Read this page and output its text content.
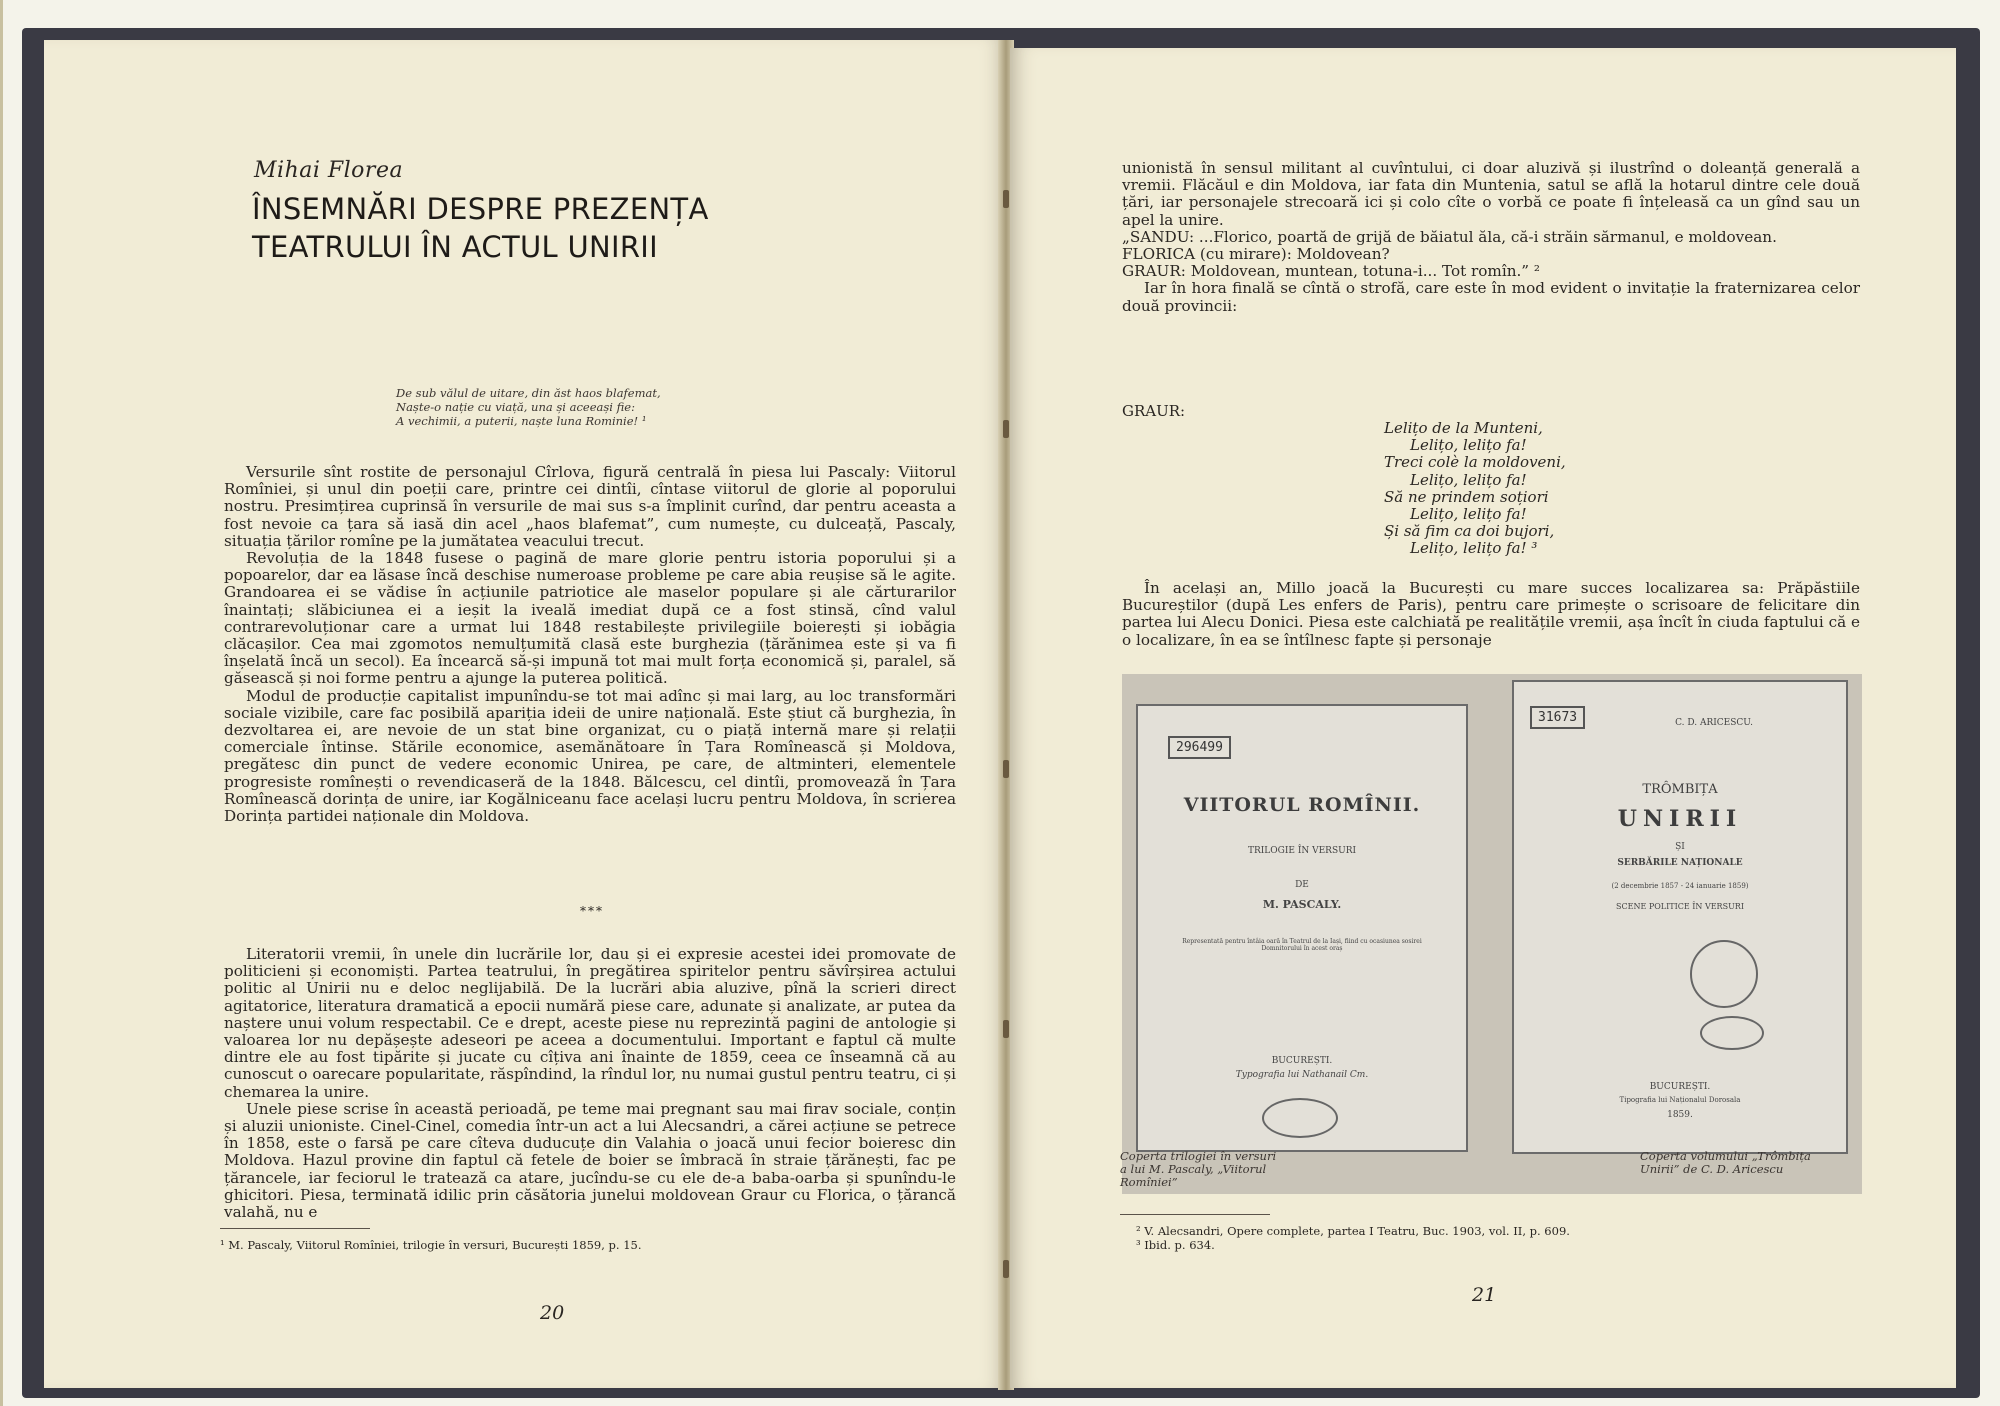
Mihai Florea
ÎNSEMNĂRI DESPRE PREZENȚA
TEATRULUI ÎN ACTUL UNIRII
De sub vălul de uitare, din ăst haos blafemat,
Naște-o nație cu viață, una și aceeași fie:
A vechimii, a puterii, naște luna Rominie! ¹

Versurile sînt rostite de personajul Cîrlova, figură centrală în piesa lui Pascaly: Viitorul Romîniei, și unul din poeții care, printre cei dintîi, cîntase viitorul de glorie al poporului nostru. Presimțirea cuprinsă în versurile de mai sus s-a împlinit curînd, dar pentru aceasta a fost nevoie ca țara să iasă din acel „haos blafemat”, cum numește, cu dulceață, Pascaly, situația țărilor romîne pe la jumătatea veacului trecut.

Revoluția de la 1848 fusese o pagină de mare glorie pentru istoria poporului și a popoarelor, dar ea lăsase încă deschise numeroase probleme pe care abia reușise să le agite. Grandoarea ei se vădise în acțiunile patriotice ale maselor populare și ale cărturarilor înaintați; slăbiciunea ei a ieșit la iveală imediat după ce a fost stinsă, cînd valul contrarevoluționar care a urmat lui 1848 restabilește privilegiile boierești și iobăgia clăcașilor. Cea mai zgomotos nemulțumită clasă este burghezia (țărănimea este și va fi înșelată încă un secol). Ea încearcă să-și impună tot mai mult forța economică și, paralel, să găsească și noi forme pentru a ajunge la puterea politică.

Modul de producție capitalist impunîndu-se tot mai adînc și mai larg, au loc transformări sociale vizibile, care fac posibilă apariția ideii de unire națională. Este știut că burghezia, în dezvoltarea ei, are nevoie de un stat bine organizat, cu o piață internă mare și relații comerciale întinse. Stările economice, asemănătoare în Țara Romînească și Moldova, pregătesc din punct de vedere economic Unirea, pe care, de altminteri, elementele progresiste romînești o revendicaseră de la 1848. Bălcescu, cel dintîi, promovează în Țara Romînească dorința de unire, iar Kogălniceanu face același lucru pentru Moldova, în scrierea Dorința partidei naționale din Moldova.

***

Literatorii vremii, în unele din lucrările lor, dau și ei expresie acestei idei promovate de politicieni și economiști. Partea teatrului, în pregătirea spiritelor pentru săvîrșirea actului politic al Unirii nu e deloc neglijabilă. De la lucrări abia aluzive, pînă la scrieri direct agitatorice, literatura dramatică a epocii numără piese care, adunate și analizate, ar putea da naștere unui volum respectabil. Ce e drept, aceste piese nu reprezintă pagini de antologie și valoarea lor nu depășește adeseori pe aceea a documentului. Important e faptul că multe dintre ele au fost tipărite și jucate cu cîțiva ani înainte de 1859, ceea ce înseamnă că au cunoscut o oarecare popularitate, răspîndind, la rîndul lor, nu numai gustul pentru teatru, ci și chemarea la unire.

Unele piese scrise în această perioadă, pe teme mai pregnant sau mai firav sociale, conțin și aluzii unioniste. Cinel-Cinel, comedia într-un act a lui Alecsandri, a cărei acțiune se petrece în 1858, este o farsă pe care cîteva duducuțe din Valahia o joacă unui fecior boieresc din Moldova. Hazul provine din faptul că fetele de boier se îmbracă în straie țărănești, fac pe țărancele, iar feciorul le tratează ca atare, jucîndu-se cu ele de-a baba-oarba și spunîndu-le ghicitori. Piesa, terminată idilic prin căsătoria junelui moldovean Graur cu Florica, o țărancă valahă, nu e

¹ M. Pascaly, Viitorul Romîniei, trilogie în versuri, București 1859, p. 15.
20

unionistă în sensul militant al cuvîntului, ci doar aluzivă și ilustrînd o doleanță generală a vremii. Flăcăul e din Moldova, iar fata din Muntenia, satul se află la hotarul dintre cele două țări, iar personajele strecoară ici și colo cîte o vorbă ce poate fi înțeleasă ca un gînd sau un apel la unire.

„SANDU: ...Florico, poartă de grijă de băiatul ăla, că-i străin sărmanul, e moldovean.

FLORICA (cu mirare): Moldovean?

GRAUR: Moldovean, muntean, totuna-i... Tot romîn.” ²

Iar în hora finală se cîntă o strofă, care este în mod evident o invitație la fraternizarea celor două provincii:

GRAUR:
Lelițo de la Munteni,
Lelițo, lelițo fa!
Treci colè la moldoveni,
Lelițo, lelițo fa!
Să ne prindem soțiori
Lelițo, lelițo fa!
Și să fim ca doi bujori,
Lelițo, lelițo fa! ³

În același an, Millo joacă la București cu mare succes localizarea sa: Prăpăstiile Bucureștilor (după Les enfers de Paris), pentru care primește o scrisoare de felicitare din partea lui Alecu Donici. Piesa este calchiată pe realitățile vremii, așa încît în ciuda faptului că e o localizare, în ea se întîlnesc fapte și personaje

296499
VIITORUL ROMÎNII.
TRILOGIE ÎN VERSURI
DE
M. PASCALY.
Representată pentru întâia oară în Teatrul de la Iași, fiind cu ocasiunea sosirei Domnitorului în acest oraș
BUCUREȘTI.
Typografia lui Nathanail Cm.
31673	C. D. ARICESCU.
TRÔMBIȚA
UNIRII
ȘI
SERBĂRILE NAȚIONALE
(2 decembrie 1857 - 24 ianuarie 1859)
SCENE POLITICE ÎN VERSURI
BUCUREȘTI.
Tipografia lui Naționalul Dorosala
1859.
Coperta trilogiei în versuri
a lui M. Pascaly, „Viitorul
Romîniei”
Coperta volumului „Trômbița
Unirii” de C. D. Aricescu
² V. Alecsandri, Opere complete, partea I Teatru, Buc. 1903, vol. II, p. 609.
³ Ibid. p. 634.
21
